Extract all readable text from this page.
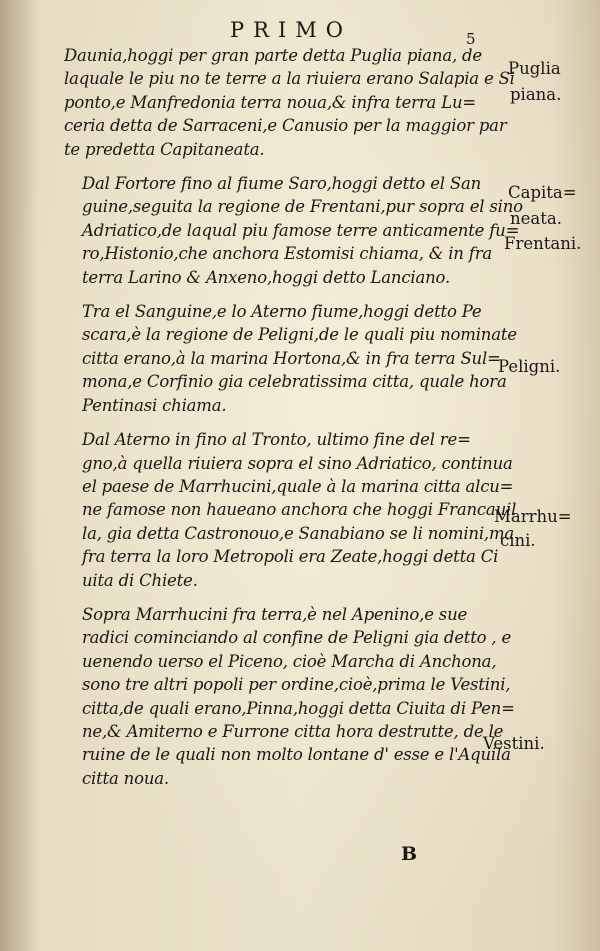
PRIMO	5
Daunia,hoggi per gran parte detta Puglia piana, de
laquale le piu no te terre a la riuiera erano Salapia e Si
ponto,e Manfredonia terra noua,& infra terra Lu=
ceria detta de Sarraceni,e Canusio per la maggior par
te predetta Capitaneata.
Dal Fortore fino al fiume Saro,hoggi detto el San
guine,seguita la regione de Frentani,pur sopra el sino
Adriatico,de laqual piu famose terre anticamente fu=
ro,Histonio,che anchora Estomisi chiama, & in fra
terra Larino & Anxeno,hoggi detto Lanciano.
Tra el Sanguine,e lo Aterno fiume,hoggi detto Pe
scara,è la regione de Peligni,de le quali piu nominate
citta erano,à la marina Hortona,& in fra terra Sul=
mona,e Corfinio gia celebratissima citta, quale hora
Pentinasi chiama.
Dal Aterno in fino al Tronto, ultimo fine del re=
gno,à quella riuiera sopra el sino Adriatico, continua
el paese de Marrhucini,quale à la marina citta alcu=
ne famose non haueano anchora che hoggi Francauil
la, gia detta Castronouo,e Sanabiano se li nomini,ma
fra terra la loro Metropoli era Zeate,hoggi detta Ci
uita di Chiete.
Sopra Marrhucini fra terra,è nel Apenino,e sue
radici cominciando al confine de Peligni gia detto , e
uenendo uerso el Piceno, cioè Marcha di Anchona,
sono tre altri popoli per ordine,cioè,prima le Vestini,
citta,de quali erano,Pinna,hoggi detta Ciuita di Pen=
ne,& Amiterno e Furrone citta hora destrutte, de le
ruine de le quali non molto lontane d' esse e l'Aquila
citta noua.
Puglia
piana.
Capita=
neata.
Frentani.
Peligni.
Marrhu=
cini.
Vestini.
B
